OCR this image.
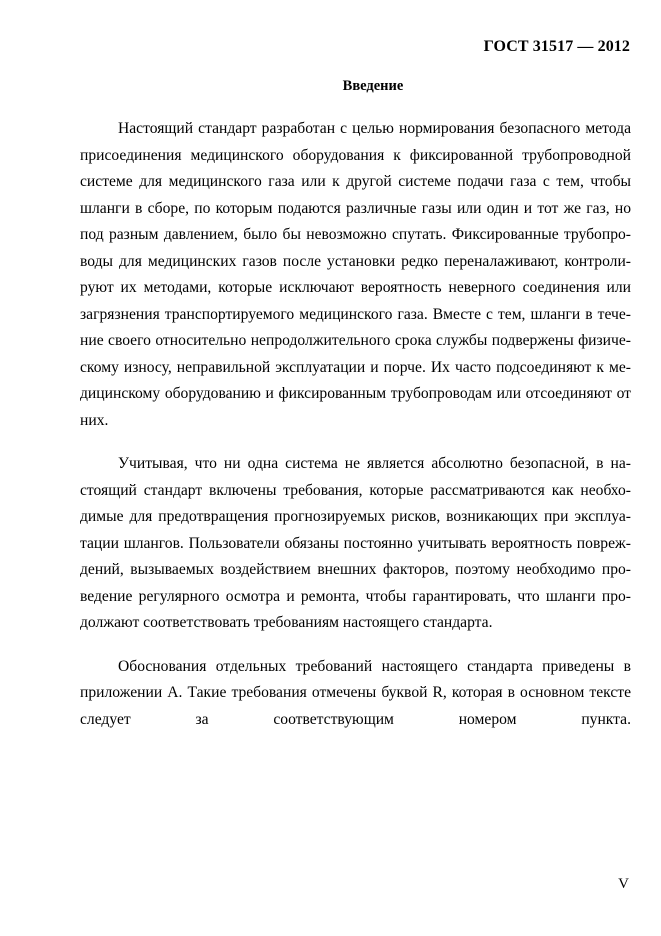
ГОСТ 31517 — 2012
Введение

Настоящий стандарт разработан с целью нормирования безопасного метода присоединения медицинского оборудования к фиксированной трубопроводной системе для медицинского газа или к другой системе подачи газа с тем, чтобы шланги в сборе, по которым подаются различные газы или один и тот же газ, но под разным давлением, было бы невозможно спутать. Фиксированные трубопроводы для медицинских газов после установки редко переналаживают, контролируют их методами, которые исключают вероятность неверного соединения или загрязнения транспортируемого медицинского газа. Вместе с тем, шланги в течение своего относительно непродолжительного срока службы подвержены физическому износу, неправильной эксплуатации и порче. Их часто подсоединяют к медицинскому оборудованию и фиксированным трубопроводам или отсоединяют от них.

Учитывая, что ни одна система не является абсолютно безопасной, в настоящий стандарт включены требования, которые рассматриваются как необходимые для предотвращения прогнозируемых рисков, возникающих при эксплуатации шлангов. Пользователи обязаны постоянно учитывать вероятность повреждений, вызываемых воздействием внешних факторов, поэтому необходимо проведение регулярного осмотра и ремонта, чтобы гарантировать, что шланги продолжают соответствовать требованиям настоящего стандарта.

Обоснования отдельных требований настоящего стандарта приведены в приложении А. Такие требования отмечены буквой R, которая в основном тексте следует за соответствующим номером пункта.

V
